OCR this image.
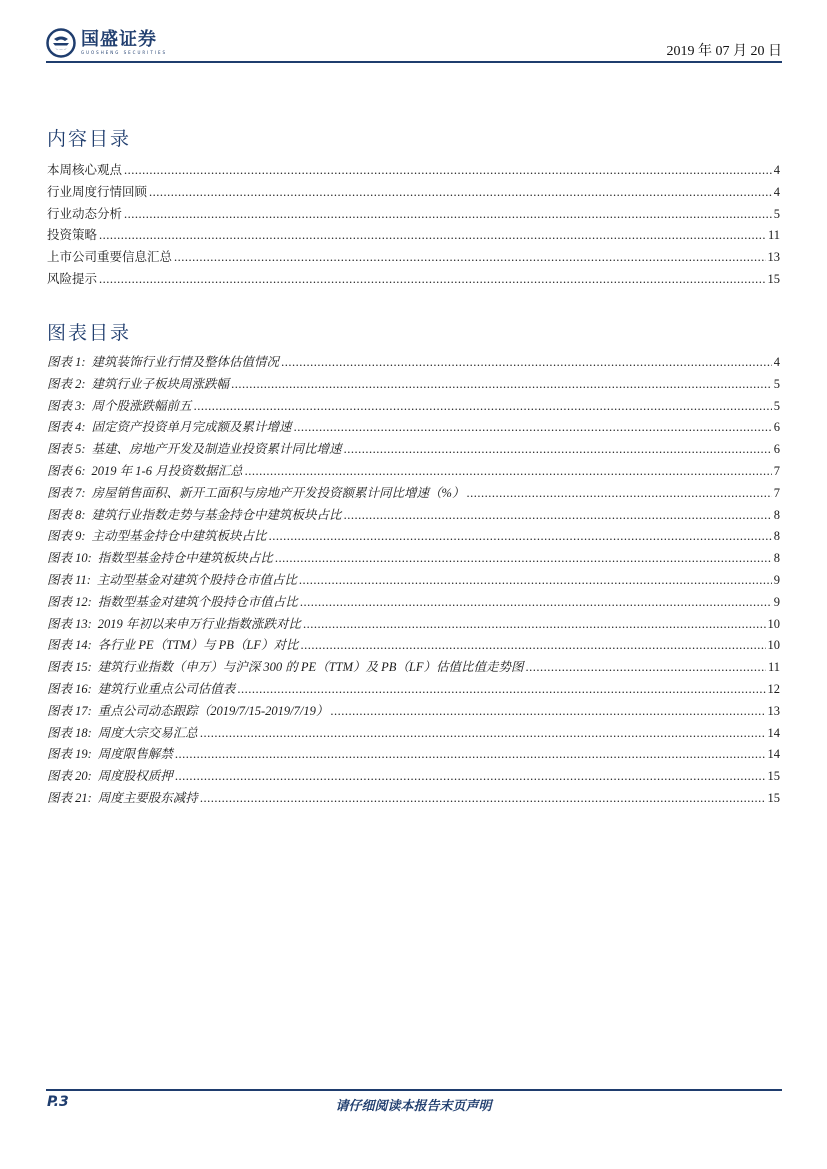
国盛证券
GUOSHENG SECURITIES	2019 年 07 月 20 日
内容目录
本周核心观点 .....	4
行业周度行情回顾 .....	4
行业动态分析 .....	5
投资策略 .....	11
上市公司重要信息汇总 .....	13
风险提示 .....	15
图表目录
图表 1: 建筑装饰行业行情及整体估值情况 .....	4
图表 2: 建筑行业子板块周涨跌幅 .....	5
图表 3: 周个股涨跌幅前五 .....	5
图表 4: 固定资产投资单月完成额及累计增速 .....	6
图表 5: 基建、房地产开发及制造业投资累计同比增速 .....	6
图表 6: 2019 年 1-6 月投资数据汇总 .....	7
图表 7: 房屋销售面积、新开工面积与房地产开发投资额累计同比增速（%） .....	7
图表 8: 建筑行业指数走势与基金持仓中建筑板块占比 .....	8
图表 9: 主动型基金持仓中建筑板块占比 .....	8
图表 10: 指数型基金持仓中建筑板块占比 .....	8
图表 11: 主动型基金对建筑个股持仓市值占比 .....	9
图表 12: 指数型基金对建筑个股持仓市值占比 .....	9
图表 13: 2019 年初以来申万行业指数涨跌对比 .....	10
图表 14: 各行业 PE（TTM）与 PB（LF）对比 .....	10
图表 15: 建筑行业指数（申万）与沪深 300 的 PE（TTM）及 PB（LF）估值比值走势图 .....	11
图表 16: 建筑行业重点公司估值表 .....	12
图表 17: 重点公司动态跟踪（2019/7/15-2019/7/19） .....	13
图表 18: 周度大宗交易汇总 .....	14
图表 19: 周度限售解禁 .....	14
图表 20: 周度股权质押 .....	15
图表 21: 周度主要股东减持 .....	15
P.3	请仔细阅读本报告末页声明
